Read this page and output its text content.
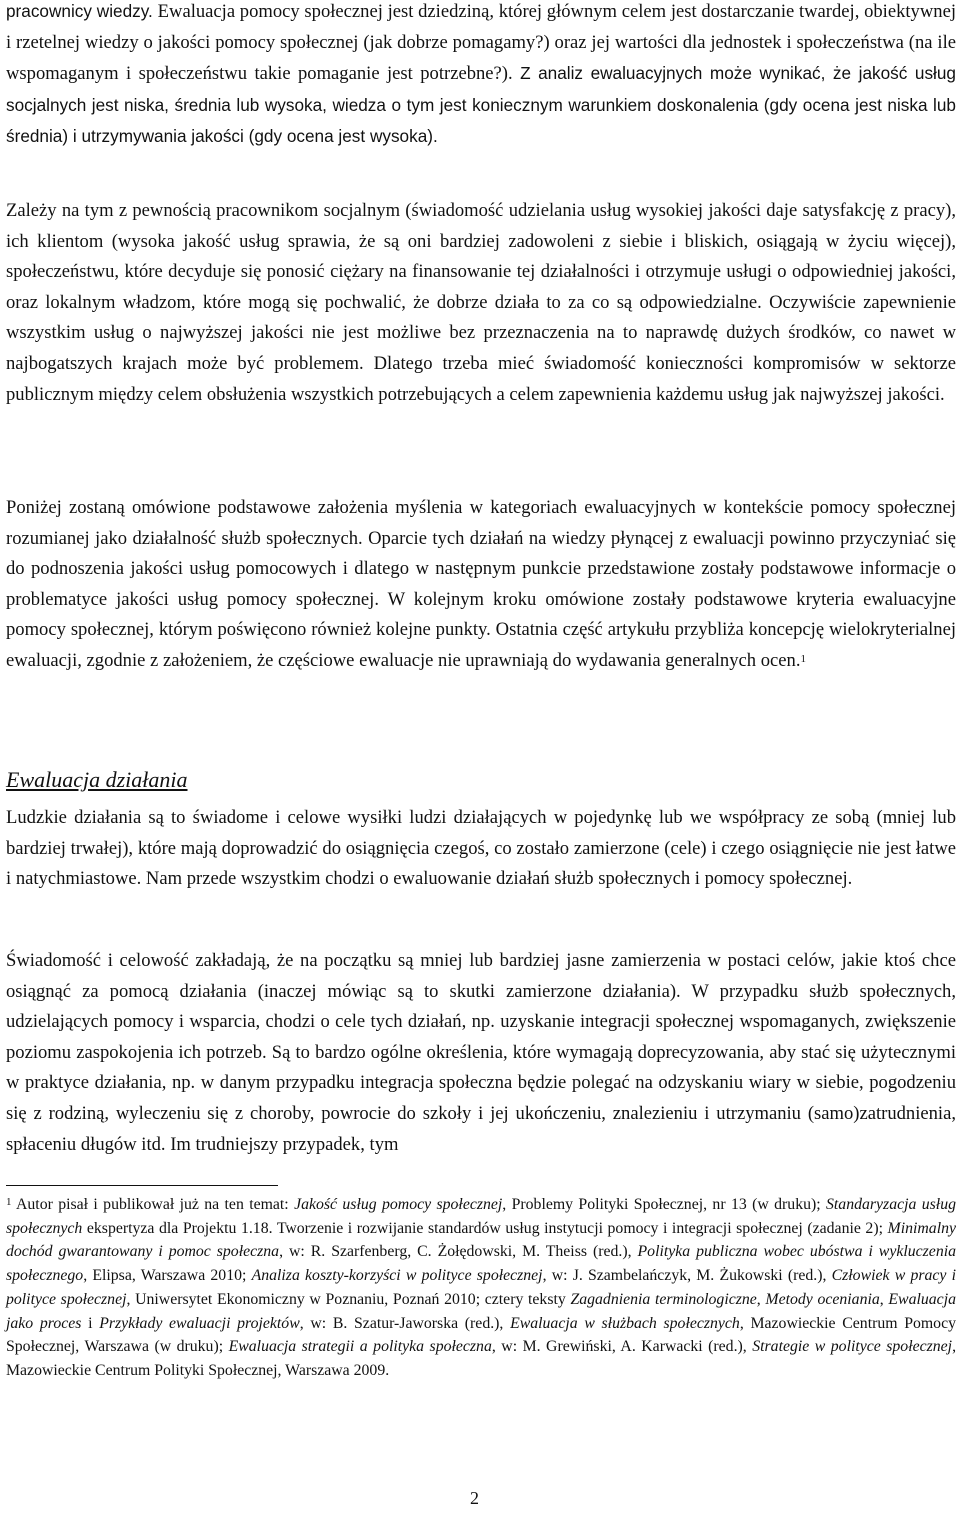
pracownicy wiedzy. Ewaluacja pomocy społecznej jest dziedziną, której głównym celem jest dostarczanie twardej, obiektywnej i rzetelnej wiedzy o jakości pomocy społecznej (jak dobrze pomagamy?) oraz jej wartości dla jednostek i społeczeństwa (na ile wspomaganym i społeczeństwu takie pomaganie jest potrzebne?). Z analiz ewaluacyjnych może wynikać, że jakość usług socjalnych jest niska, średnia lub wysoka, wiedza o tym jest koniecznym warunkiem doskonalenia (gdy ocena jest niska lub średnia) i utrzymywania jakości (gdy ocena jest wysoka).

Zależy na tym z pewnością pracownikom socjalnym (świadomość udzielania usług wysokiej jakości daje satysfakcję z pracy), ich klientom (wysoka jakość usług sprawia, że są oni bardziej zadowoleni z siebie i bliskich, osiągają w życiu więcej), społeczeństwu, które decyduje się ponosić ciężary na finansowanie tej działalności i otrzymuje usługi o odpowiedniej jakości, oraz lokalnym władzom, które mogą się pochwalić, że dobrze działa to za co są odpowiedzialne. Oczywiście zapewnienie wszystkim usług o najwyższej jakości nie jest możliwe bez przeznaczenia na to naprawdę dużych środków, co nawet w najbogatszych krajach może być problemem. Dlatego trzeba mieć świadomość konieczności kompromisów w sektorze publicznym między celem obsłużenia wszystkich potrzebujących a celem zapewnienia każdemu usług jak najwyższej jakości.

Poniżej zostaną omówione podstawowe założenia myślenia w kategoriach ewaluacyjnych w kontekście pomocy społecznej rozumianej jako działalność służb społecznych. Oparcie tych działań na wiedzy płynącej z ewaluacji powinno przyczyniać się do podnoszenia jakości usług pomocowych i dlatego w następnym punkcie przedstawione zostały podstawowe informacje o problematyce jakości usług pomocy społecznej. W kolejnym kroku omówione zostały podstawowe kryteria ewaluacyjne pomocy społecznej, którym poświęcono również kolejne punkty. Ostatnia część artykułu przybliża koncepcję wielokryterialnej ewaluacji, zgodnie z założeniem, że częściowe ewaluacje nie uprawniają do wydawania generalnych ocen.$^1$

Ewaluacja działania

Ludzkie działania są to świadome i celowe wysiłki ludzi działających w pojedynkę lub we współpracy ze sobą (mniej lub bardziej trwałej), które mają doprowadzić do osiągnięcia czegoś, co zostało zamierzone (cele) i czego osiągnięcie nie jest łatwe i natychmiastowe. Nam przede wszystkim chodzi o ewaluowanie działań służb społecznych i pomocy społecznej.

Świadomość i celowość zakładają, że na początku są mniej lub bardziej jasne zamierzenia w postaci celów, jakie ktoś chce osiągnąć za pomocą działania (inaczej mówiąc są to skutki zamierzone działania). W przypadku służb społecznych, udzielających pomocy i wsparcia, chodzi o cele tych działań, np. uzyskanie integracji społecznej wspomaganych, zwiększenie poziomu zaspokojenia ich potrzeb. Są to bardzo ogólne określenia, które wymagają doprecyzowania, aby stać się użytecznymi w praktyce działania, np. w danym przypadku integracja społeczna będzie polegać na odzyskaniu wiary w siebie, pogodzeniu się z rodziną, wyleczeniu się z choroby, powrocie do szkoły i jej ukończeniu, znalezieniu i utrzymaniu (samo)zatrudnienia, spłaceniu długów itd. Im trudniejszy przypadek, tym

$^1$ Autor pisał i publikował już na ten temat: Jakość usług pomocy społecznej, Problemy Polityki Społecznej, nr 13 (w druku); Standaryzacja usług społecznych ekspertyza dla Projektu 1.18. Tworzenie i rozwijanie standardów usług instytucji pomocy i integracji społecznej (zadanie 2); Minimalny dochód gwarantowany i pomoc społeczna, w: R. Szarfenberg, C. Żołędowski, M. Theiss (red.), Polityka publiczna wobec ubóstwa i wykluczenia społecznego, Elipsa, Warszawa 2010; Analiza koszty-korzyści w polityce społecznej, w: J. Szambelańczyk, M. Żukowski (red.), Człowiek w pracy i polityce społecznej, Uniwersytet Ekonomiczny w Poznaniu, Poznań 2010; cztery teksty Zagadnienia terminologiczne, Metody oceniania, Ewaluacja jako proces i Przykłady ewaluacji projektów, w: B. Szatur-Jaworska (red.), Ewaluacja w służbach społecznych, Mazowieckie Centrum Pomocy Społecznej, Warszawa (w druku); Ewaluacja strategii a polityka społeczna, w: M. Grewiński, A. Karwacki (red.), Strategie w polityce społecznej, Mazowieckie Centrum Polityki Społecznej, Warszawa 2009.

2
